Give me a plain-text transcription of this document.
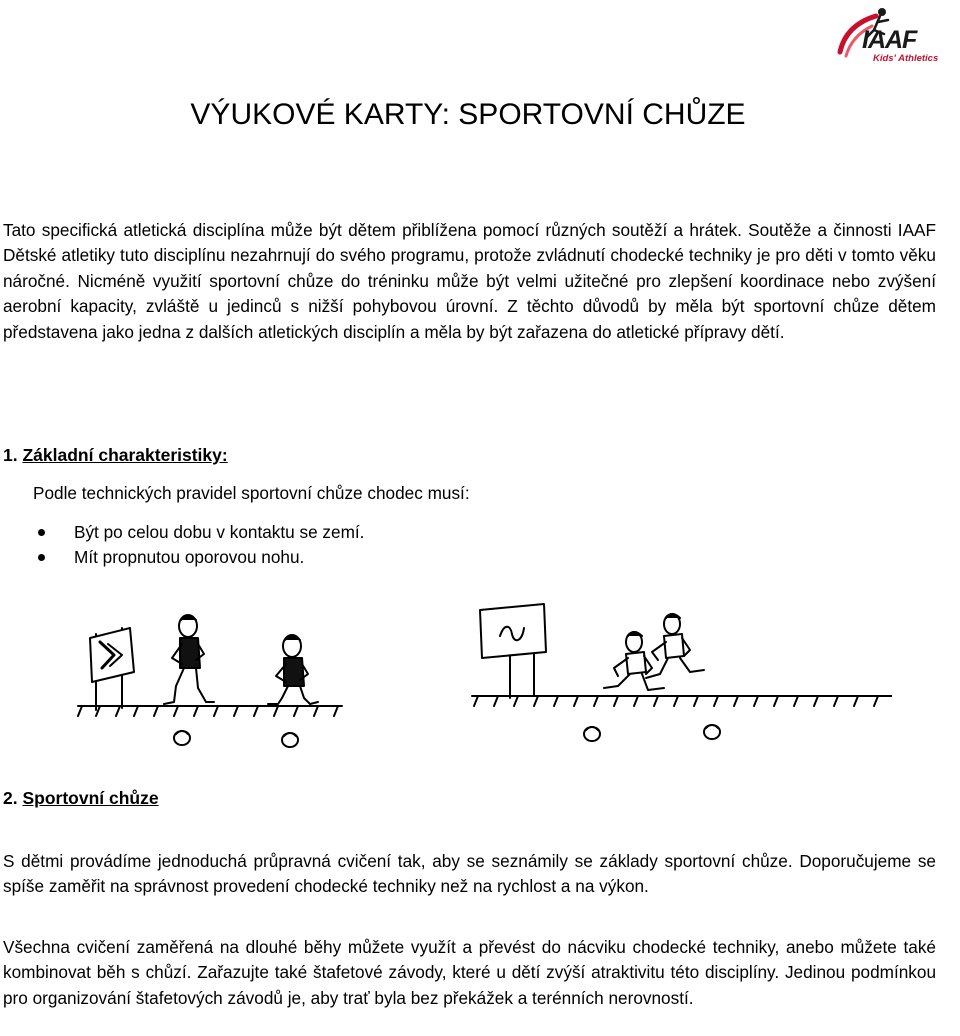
IAAF
Kids' Athletics
VÝUKOVÉ KARTY: SPORTOVNÍ CHŮZE

Tato specifická atletická disciplína může být dětem přiblížena pomocí různých soutěží a hrátek. Soutěže a činnosti IAAF Dětské atletiky tuto disciplínu nezahrnují do svého programu, protože zvládnutí chodecké techniky je pro děti v tomto věku náročné. Nicméně využití sportovní chůze do tréninku může být velmi užitečné pro zlepšení koordinace nebo zvýšení aerobní kapacity, zvláště u jedinců s nižší pohybovou úrovní. Z těchto důvodů by měla být sportovní chůze dětem představena jako jedna z dalších atletických disciplín a měla by být zařazena do atletické přípravy dětí.

1. Základní charakteristiky:

Podle technických pravidel sportovní chůze chodec musí:

Být po celou dobu v kontaktu se zemí.
Mít propnutou oporovou nohu.
2. Sportovní chůze

S dětmi provádíme jednoduchá průpravná cvičení tak, aby se seznámily se základy sportovní chůze. Doporučujeme se spíše zaměřit na správnost provedení chodecké techniky než na rychlost a na výkon.

Všechna cvičení zaměřená na dlouhé běhy můžete využít a převést do nácviku chodecké techniky, anebo můžete také kombinovat běh s chůzí. Zařazujte také štafetové závody, které u dětí zvýší atraktivitu této disciplíny. Jedinou podmínkou pro organizování štafetových závodů je, aby trať byla bez překážek a terénních nerovností.
